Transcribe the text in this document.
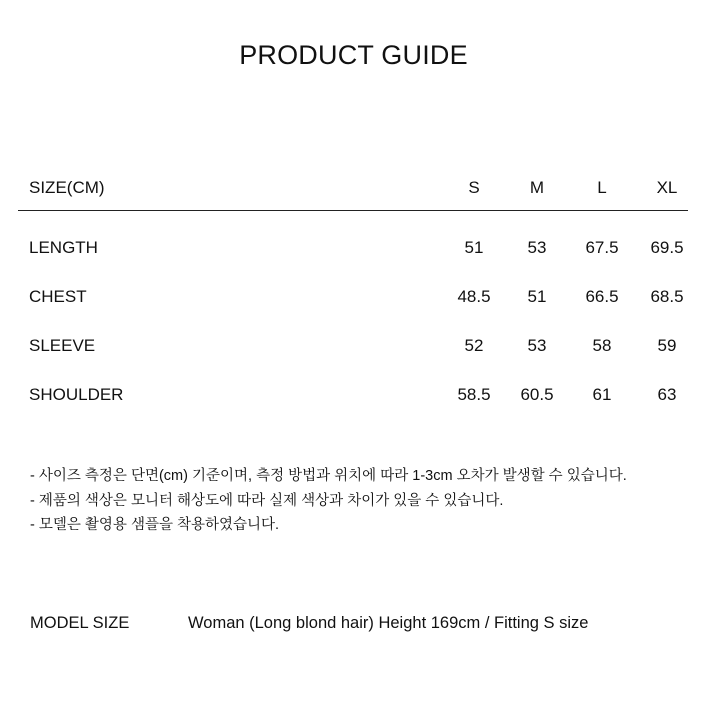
PRODUCT GUIDE
SIZE(CM)	S	M	L	XL
LENGTH	51	53	67.5	69.5
CHEST	48.5	51	66.5	68.5
SLEEVE	52	53	58	59
SHOULDER	58.5	60.5	61	63
- 사이즈 측정은 단면(cm) 기준이며, 측정 방법과 위치에 따라 1-3cm 오차가 발생할 수 있습니다.
- 제품의 색상은 모니터 해상도에 따라 실제 색상과 차이가 있을 수 있습니다.
- 모델은 촬영용 샘플을 착용하였습니다.
MODEL SIZE	Woman (Long blond hair) Height 169cm / Fitting S size
